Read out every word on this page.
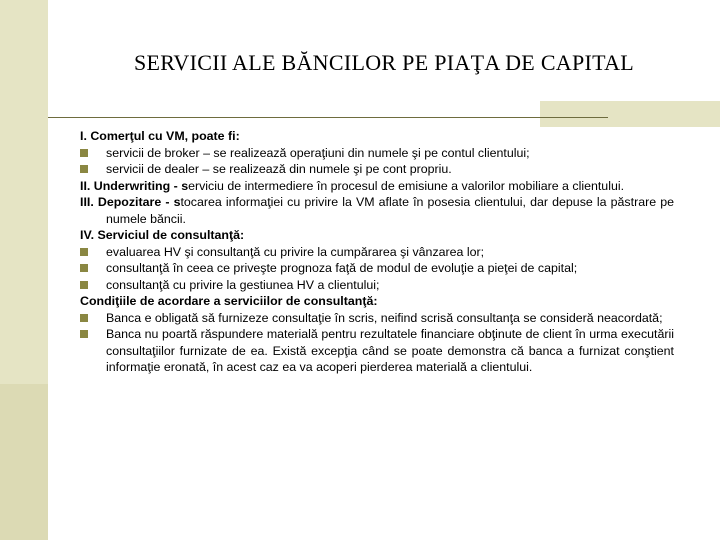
SERVICII ALE BĂNCILOR PE PIAŢA DE CAPITAL

I. Comerţul cu VM, poate fi:

servicii de broker – se realizează operaţiuni din numele şi pe contul clientului;
servicii de dealer – se realizează din numele şi pe cont propriu.

II. Underwriting - serviciu de intermediere în procesul de emisiune a valorilor mobiliare a clientului.

III. Depozitare - stocarea informaţiei cu privire la VM aflate în posesia clientului, dar depuse la păstrare pe numele băncii.

IV. Serviciul de consultanţă:

evaluarea HV şi consultanţă cu privire la cumpărarea şi vânzarea lor;
consultanţă în ceea ce priveşte prognoza faţă de modul de evoluţie a pieţei de capital;
consultanţă cu privire la gestiunea HV a clientului;

Condiţiile de acordare a serviciilor de consultanţă:

Banca e obligată să furnizeze consultaţie în scris, neifind scrisă consultanţa se consideră neacordată;
Banca nu poartă răspundere materială pentru rezultatele financiare obţinute de client în urma executării consultaţiilor furnizate de ea. Există excepţia când se poate demonstra că banca a furnizat conştient informaţie eronată, în acest caz ea va acoperi pierderea materială a clientului.
